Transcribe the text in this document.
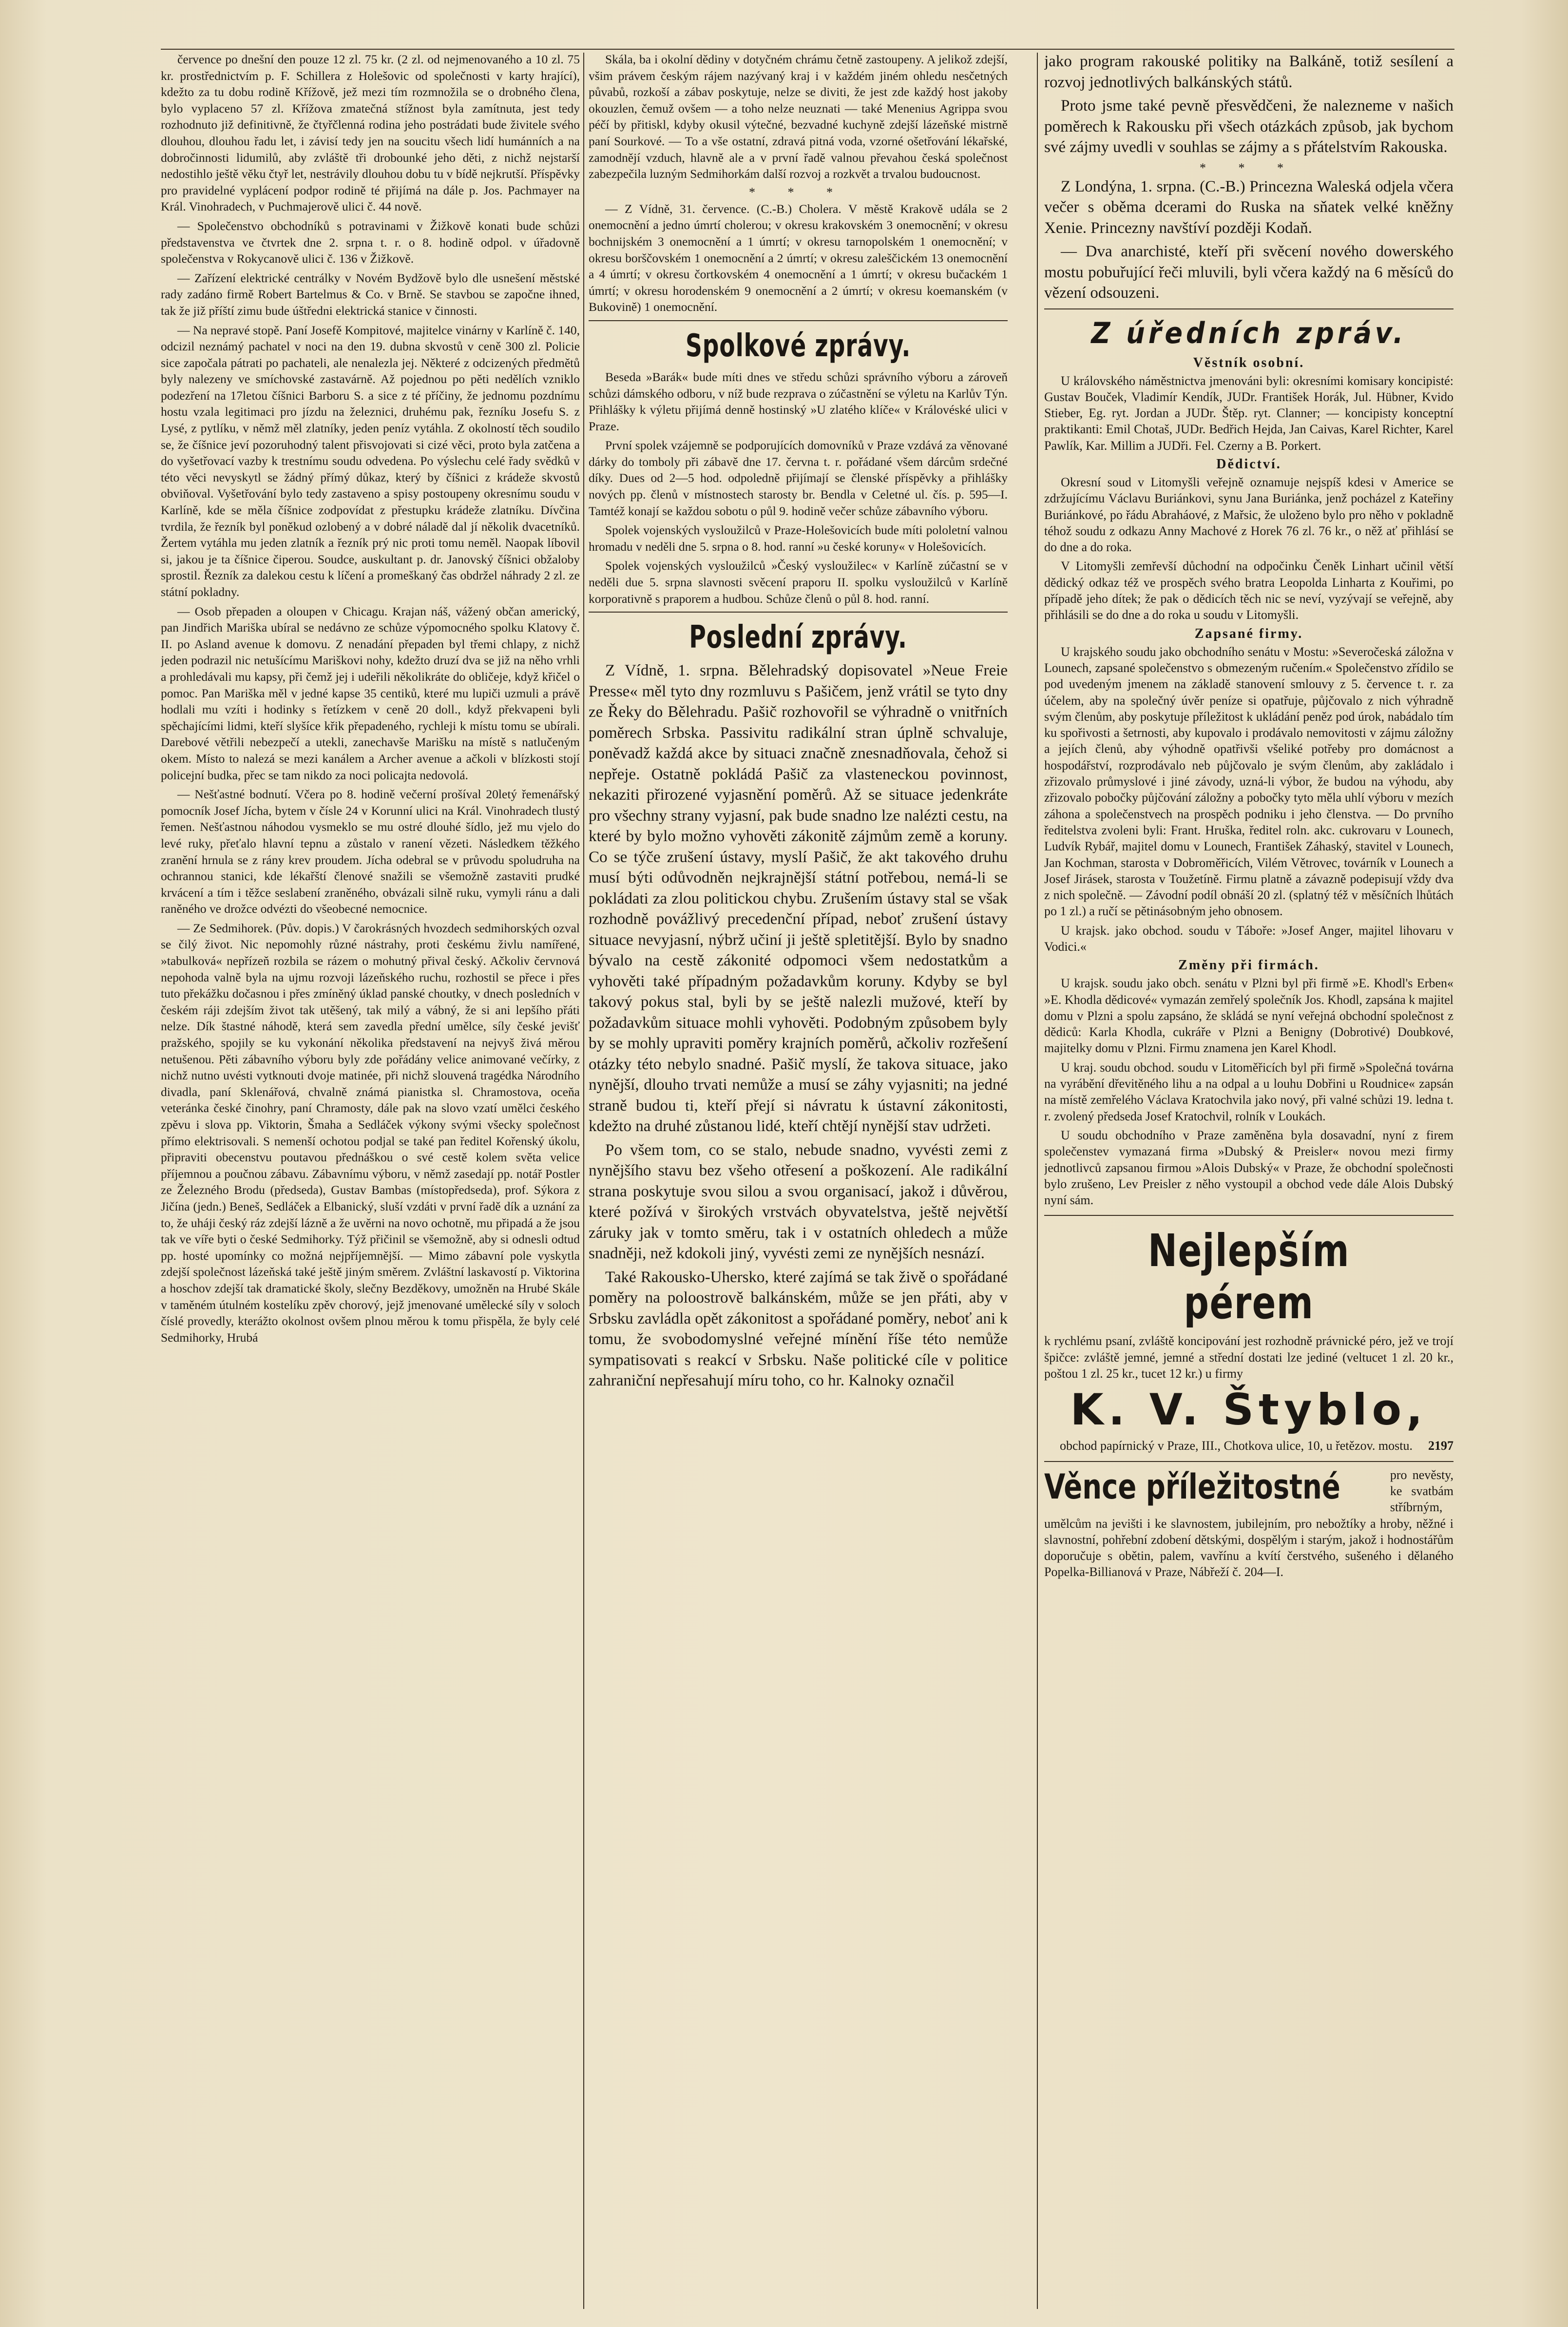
července po dnešní den pouze 12 zl. 75 kr. (2 zl. od nejmenovaného a 10 zl. 75 kr. prostřednictvím p. F. Schillera z Holešovic od společnosti v karty hrající), kdežto za tu dobu rodině Křížově, jež mezi tím rozmnožila se o drobného člena, bylo vyplaceno 57 zl. Křížova zmatečná stížnost byla zamítnuta, jest tedy rozhodnuto již definitivně, že čtyřčlenná rodina jeho postrádati bude živitele svého dlouhou, dlouhou řadu let, i závisí tedy jen na soucitu všech lidí humánních a na dobročinnosti lidumilů, aby zvláště tři drobounké jeho děti, z nichž nejstarší nedostihlo ještě věku čtyř let, nestrávily dlouhou dobu tu v bídě nejkrutší. Příspěvky pro pravidelné vyplácení podpor rodině té přijímá na dále p. Jos. Pachmayer na Král. Vinohradech, v Puchmajerově ulici č. 44 nově.

— Společenstvo obchodníků s potravinami v Žižkově konati bude schůzi představenstva ve čtvrtek dne 2. srpna t. r. o 8. hodině odpol. v úřadovně společenstva v Rokycanově ulici č. 136 v Žižkově.

— Zařízení elektrické centrálky v Novém Bydžově bylo dle usnešení městské rady zadáno firmě Robert Bartelmus & Co. v Brně. Se stavbou se započne ihned, tak že již příští zimu bude úštředni elektrická stanice v činnosti.

— Na nepravé stopě. Paní Josefě Kompitové, majitelce vinárny v Karlíně č. 140, odcizil neznámý pachatel v noci na den 19. dubna skvostů v ceně 300 zl. Policie sice započala pátrati po pachateli, ale nenalezla jej. Některé z odcizených předmětů byly nalezeny ve smíchovské zastavárně. Až pojednou po pěti nedělích vzniklo podezření na 17letou číšnici Barboru S. a sice z té příčiny, že jednomu pozdnímu hostu vzala legitimaci pro jízdu na železnici, druhému pak, řezníku Josefu S. z Lysé, z pytlíku, v němž měl zlatníky, jeden peníz vytáhla. Z okolností těch soudilo se, že číšnice jeví pozoruhodný talent přisvojovati si cizé věci, proto byla zatčena a do vyšetřovací vazby k trestnímu soudu odvedena. Po výslechu celé řady svědků v této věci nevyskytl se žádný přímý důkaz, který by číšnici z krádeže skvostů obviňoval. Vyšetřování bylo tedy zastaveno a spisy postoupeny okresnímu soudu v Karlíně, kde se měla číšnice zodpovídat z přestupku krádeže zlatníku. Dívčina tvrdila, že řezník byl poněkud ozlobený a v dobré náladě dal jí několik dvacetníků. Žertem vytáhla mu jeden zlatník a řezník prý nic proti tomu neměl. Naopak líbovil si, jakou je ta číšnice čiperou. Soudce, auskultant p. dr. Janovský číšnici obžaloby sprostil. Řezník za dalekou cestu k líčení a promeškaný čas obdržel náhrady 2 zl. ze státní pokladny.

— Osob přepaden a oloupen v Chicagu. Krajan náš, vážený občan americký, pan Jindřich Mariška ubíral se nedávno ze schůze výpomocného spolku Klatovy č. II. po Asland avenue k domovu. Z nenadání přepaden byl třemi chlapy, z nichž jeden podrazil nic netušícímu Mariškovi nohy, kdežto druzí dva se již na něho vrhli a prohledávali mu kapsy, při čemž jej i udeřili několikráte do obličeje, když křičel o pomoc. Pan Mariška měl v jedné kapse 35 centiků, které mu lupiči uzmuli a právě hodlali mu vzíti i hodinky s řetízkem v ceně 20 doll., když překvapeni byli spěchajícími lidmi, kteří slyšíce křik přepadeného, rychleji k místu tomu se ubírali. Darebové větřili nebezpečí a utekli, zanechavše Marišku na místě s natlučeným okem. Místo to nalezá se mezi kanálem a Archer avenue a ačkoli v blízkosti stojí policejní budka, přec se tam nikdo za noci policajta nedovolá.

— Nešťastné bodnutí. Včera po 8. hodině večerní prošíval 20letý řemenářský pomocník Josef Jícha, bytem v čísle 24 v Korunní ulici na Král. Vinohradech tlustý řemen. Nešťastnou náhodou vysmeklo se mu ostré dlouhé šídlo, jež mu vjelo do levé ruky, přeťalo hlavní tepnu a zůstalo v ranení vězeti. Následkem těžkého zranění hrnula se z rány krev proudem. Jícha odebral se v průvodu spoludruha na ochrannou stanici, kde lékařští členové snažili se všemožně zastaviti prudké krvácení a tím i těžce seslabení zraněného, obvázali silně ruku, vymyli ránu a dali raněného ve drožce odvézti do všeobecné nemocnice.

— Ze Sedmihorek. (Pův. dopis.) V čarokrásných hvozdech sedmihorských ozval se čilý život. Nic nepomohly různé nástrahy, proti českému živlu namířené, »tabulková« nepřízeň rozbila se rázem o mohutný přival český. Ačkoliv červnová nepohoda valně byla na ujmu rozvoji lázeňského ruchu, rozhostil se přece i přes tuto překážku dočasnou i přes zmíněný úklad panské choutky, v dnech posledních v českém ráji zdejším život tak utěšený, tak milý a vábný, že si ani lepšího přáti nelze. Dík štastné náhodě, která sem zavedla přední umělce, síly české jevišť pražského, spojily se ku vykonání několika představení na nejvyš živá měrou netušenou. Pěti zábavního výboru byly zde pořádány velice animované večírky, z nichž nutno uvésti vytknouti dvoje matinée, při nichž slouvená tragédka Národního divadla, paní Sklenářová, chvalně známá pianistka sl. Chramostova, oceňa veteránka české činohry, paní Chramosty, dále pak na slovo vzatí umělci českého zpěvu i slova pp. Viktorin, Šmaha a Sedláček výkony svými všecky společnost přímo elektrisovali. S nemenší ochotou podjal se také pan ředitel Kořenský úkolu, připraviti obecenstvu poutavou přednáškou o své cestě kolem světa velice příjemnou a poučnou zábavu. Zábavnímu výboru, v němž zasedají pp. notář Postler ze Železného Brodu (předseda), Gustav Bambas (místopředseda), prof. Sýkora z Jičína (jedn.) Beneš, Sedláček a Elbanický, sluší vzdáti v první řadě dík a uznání za to, že uháji český ráz zdejší lázně a že uvěrni na novo ochotně, mu připadá a že jsou tak ve víře byti o české Sedmihorky. Týž přičinil se všemožně, aby si odnesli odtud pp. hosté upomínky co možná nejpříjemnější. — Mimo zábavní pole vyskytla zdejší společnost lázeňská také ještě jiným směrem. Zvláštní laskavostí p. Viktorina a hoschov zdejší tak dramatické školy, slečny Bezděkovy, umožněn na Hrubé Skále v taměném útulném kostelíku zpěv chorový, jejž jmenované umělecké síly v soloch číslé provedly, kterážto okolnost ovšem plnou měrou k tomu přispěla, že byly celé Sedmihorky, Hrubá

Skála, ba i okolní dědiny v dotyčném chrámu četně zastoupeny. A jelikož zdejší, všim právem českým rájem nazývaný kraj i v každém jiném ohledu nesčetných půvabů, rozkoší a zábav poskytuje, nelze se diviti, že jest zde každý host jakoby okouzlen, čemuž ovšem — a toho nelze neuznati — také Menenius Agrippa svou péčí by přitiskl, kdyby okusil výtečné, bezvadné kuchyně zdejší lázeňské mistrně paní Sourkové. — To a vše ostatní, zdravá pitná voda, vzorné ošetřování lékařské, zamodnějí vzduch, hlavně ale a v první řadě valnou převahou česká společnost zabezpečila luzným Sedmihorkám další rozvoj a rozkvět a trvalou budoucnost.

* * *

— Z Vídně, 31. července. (C.-B.) Cholera. V městě Krakově udála se 2 onemocnění a jedno úmrtí cholerou; v okresu krakovském 3 onemocnění; v okresu bochnijském 3 onemocnění a 1 úmrtí; v okresu tarnopolském 1 onemocnění; v okresu borščovském 1 onemocnění a 2 úmrtí; v okresu zaleščickém 13 onemocnění a 4 úmrtí; v okresu čortkovském 4 onemocnění a 1 úmrtí; v okresu bučackém 1 úmrtí; v okresu horodenském 9 onemocnění a 2 úmrtí; v okresu koemanském (v Bukovině) 1 onemocnění.

Spolkové zprávy.

Beseda »Barák« bude míti dnes ve středu schůzi správního výboru a zároveň schůzi dámského odboru, v níž bude rezprava o zúčastnění se výletu na Karlův Týn. Přihlášky k výletu přijímá denně hostinský »U zlatého klíče« v Královéské ulici v Praze.

První spolek vzájemně se podporujících domovníků v Praze vzdává za věnované dárky do tomboly při zábavě dne 17. června t. r. pořádané všem dárcům srdečné díky. Dues od 2—5 hod. odpoledně přijímají se členské příspěvky a přihlášky nových pp. členů v místnostech starosty br. Bendla v Celetné ul. čís. p. 595—I. Tamtéž konají se každou sobotu o půl 9. hodině večer schůze zábavního výboru.

Spolek vojenských vysloužilců v Praze-Holešovicích bude míti pololetní valnou hromadu v neděli dne 5. srpna o 8. hod. ranní »u české koruny« v Holešovicích.

Spolek vojenských vysloužilců »Český vysloužilec« v Karlíně zúčastní se v neděli due 5. srpna slavnosti svěcení praporu II. spolku vysloužilců v Karlíně korporativně s praporem a hudbou. Schůze členů o půl 8. hod. ranní.

Poslední zprávy.

Z Vídně, 1. srpna. Bělehradský dopisovatel »Neue Freie Presse« měl tyto dny rozmluvu s Pašičem, jenž vrátil se tyto dny ze Řeky do Bělehradu. Pašič rozhovořil se výhradně o vnitřních poměrech Srbska. Passivitu radikální stran úplně schvaluje, poněvadž každá akce by situaci značně znesnadňovala, čehož si nepřeje. Ostatně pokládá Pašič za vlasteneckou povinnost, nekaziti přirozené vyjasnění poměrů. Až se situace jedenkráte pro všechny strany vyjasní, pak bude snadno lze nalézti cestu, na které by bylo možno vyhověti zákonitě zájmům země a koruny. Co se týče zrušení ústavy, myslí Pašič, že akt takového druhu musí býti odůvodněn nejkrajnější státní potřebou, nemá-li se pokládati za zlou politickou chybu. Zrušením ústavy stal se však rozhodně povážlivý precedenční případ, neboť zrušení ústavy situace nevyjasní, nýbrž učiní ji ještě spletitější. Bylo by snadno bývalo na cestě zákonité odpomoci všem nedostatkům a vyhověti také případným požadavkům koruny. Kdyby se byl takový pokus stal, byli by se ještě nalezli mužové, kteří by požadavkům situace mohli vyhověti. Podobným způsobem byly by se mohly upraviti poměry krajních poměrů, ačkoliv rozřešení otázky této nebylo snadné. Pašič myslí, že takova situace, jako nynější, dlouho trvati nemůže a musí se záhy vyjasniti; na jedné straně budou ti, kteří přejí si návratu k ústavní zákonitosti, kdežto na druhé zůstanou lidé, kteří chtějí nynější stav udržeti.

Po všem tom, co se stalo, nebude snadno, vyvésti zemi z nynějšího stavu bez všeho otřesení a poškození. Ale radikální strana poskytuje svou silou a svou organisací, jakož i důvěrou, které požívá v širokých vrstvách obyvatelstva, ještě největší záruky jak v tomto směru, tak i v ostatních ohledech a může snadněji, než kdokoli jiný, vyvésti zemi ze nynějších nesnází.

Také Rakousko-Uhersko, které zajímá se tak živě o spořádané poměry na poloostrově balkánském, může se jen přáti, aby v Srbsku zavládla opět zákonitost a spořádané poměry, neboť ani k tomu, že svobodomyslné veřejné mínění říše této nemůže sympatisovati s reakcí v Srbsku. Naše politické cíle v politice zahraniční nepřesahují míru toho, co hr. Kalnoky označil

jako program rakouské politiky na Balkáně, totiž sesílení a rozvoj jednotlivých balkánských států.

Proto jsme také pevně přesvědčeni, že nalezneme v našich poměrech k Rakousku při všech otázkách způsob, jak bychom své zájmy uvedli v souhlas se zájmy a s přátelstvím Rakouska.

* * *

Z Londýna, 1. srpna. (C.-B.) Princezna Waleská odjela včera večer s oběma dcerami do Ruska na sňatek velké kněžny Xenie. Princezny navštíví později Kodaň.

— Dva anarchisté, kteří při svěcení nového dowerského mostu pobuřující řeči mluvili, byli včera každý na 6 měsíců do vězení odsouzeni.

Z úředních zpráv.
Věstník osobní.

U královského náměstnictva jmenováni byli: okresními komisary koncipisté: Gustav Bouček, Vladimír Kendík, JUDr. František Horák, Jul. Hübner, Kvido Stieber, Eg. ryt. Jordan a JUDr. Štěp. ryt. Clanner; — koncipisty konceptní praktikanti: Emil Chotaš, JUDr. Bedřich Hejda, Jan Caivas, Karel Richter, Karel Pawlík, Kar. Millim a JUDři. Fel. Czerny a B. Porkert.

Dědictví.

Okresní soud v Litomyšli veřejně oznamuje nejspíš kdesi v Americe se zdržujícímu Václavu Buriánkovi, synu Jana Buriánka, jenž pocházel z Kateřiny Buriánkové, po řádu Abraháové, z Mařsic, že uloženo bylo pro něho v pokladně téhož soudu z odkazu Anny Machové z Horek 76 zl. 76 kr., o něž ať přihlásí se do dne a do roka.

V Litomyšli zemřevší důchodní na odpočinku Čeněk Linhart učinil větší dědický odkaz též ve prospěch svého bratra Leopolda Linharta z Kouřimi, po případě jeho dítek; že pak o dědicích těch nic se neví, vyzývají se veřejně, aby přihlásili se do dne a do roka u soudu v Litomyšli.

Zapsané firmy.

U krajského soudu jako obchodního senátu v Mostu: »Severočeská záložna v Lounech, zapsané společenstvo s obmezeným ručením.« Společenstvo zřídilo se pod uvedeným jmenem na základě stanovení smlouvy z 5. července t. r. za účelem, aby na společný úvěr peníze si opatřuje, půjčovalo z nich výhradně svým členům, aby poskytuje příležitost k ukládání peněz pod úrok, nabádalo tím ku spořivosti a šetrnosti, aby kupovalo i prodávalo nemovitosti v zájmu záložny a jejích členů, aby výhodně opatřivši všeliké potřeby pro domácnost a hospodářství, rozprodávalo neb půjčovalo je svým členům, aby zakládalo i zřizovalo průmyslové i jiné závody, uzná-li výbor, že budou na výhodu, aby zřizovalo pobočky půjčování záložny a pobočky tyto měla uhlí výboru v mezích záhona a společenstvech na prospěch podniku i jeho členstva. — Do prvního ředitelstva zvoleni byli: Frant. Hruška, ředitel roln. akc. cukrovaru v Lounech, Ludvík Rybář, majitel domu v Lounech, František Záhaský, stavitel v Lounech, Jan Kochman, starosta v Dobroměřicích, Vilém Větrovec, továrník v Lounech a Josef Jirásek, starosta v Toužetíně. Firmu platně a závazně podepisují vždy dva z nich společně. — Závodní podíl obnáší 20 zl. (splatný též v měsíčních lhůtách po 1 zl.) a ručí se pětinásobným jeho obnosem.

U krajsk. jako obchod. soudu v Táboře: »Josef Anger, majitel lihovaru v Vodici.«

Změny při firmách.

U krajsk. soudu jako obch. senátu v Plzni byl při firmě »E. Khodl's Erben« »E. Khodla dědicové« vymazán zemřelý společník Jos. Khodl, zapsána k majitel domu v Plzni a spolu zapsáno, že skládá se nyní veřejná obchodní společnost z dědiců: Karla Khodla, cukráře v Plzni a Benigny (Dobrotivé) Doubkové, majitelky domu v Plzni. Firmu znamena jen Karel Khodl.

U kraj. soudu obchod. soudu v Litoměřicích byl při firmě »Společná továrna na vyrábění dřevitěného lihu a na odpal a u louhu Dobřini u Roudnice« zapsán na místě zemřelého Václava Kratochvila jako nový, při valné schůzi 19. ledna t. r. zvolený předseda Josef Kratochvil, rolník v Loukách.

U soudu obchodního v Praze zaměněna byla dosavadní, nyní z firem společenstev vymazaná firma »Dubský & Preisler« novou mezi firmy jednotlivců zapsanou firmou »Alois Dubský« v Praze, že obchodní společnosti bylo zrušeno, Lev Preisler z něho vystoupil a obchod vede dále Alois Dubský nyní sám.

Nejlepším pérem

k rychlému psaní, zvláště koncipování jest rozhodně právnické péro, jež ve trojí špičce: zvláště jemné, jemné a střední dostati lze jediné (veltucet 1 zl. 20 kr., poštou 1 zl. 25 kr., tucet 12 kr.) u firmy

K. V. Štyblo,

obchod papírnický v Praze, III., Chotkova ulice, 10, u řetězov. mostu. 2197

Věnce příležitostné	pro nevěsty, ke svatbám stříbrným, umělcům na jevišti i ke slavnostem, jubilejním, pro nebožtíky a hroby, něžné i slavnostní, pohřební zdobení dětskými, dospělým i starým, jakož i hodnostářům doporučuje s obětin, palem, vavřínu a kvítí čerstvého, sušeného i dělaného Popelka-Billianová v Praze, Nábřeží č. 204—I.
